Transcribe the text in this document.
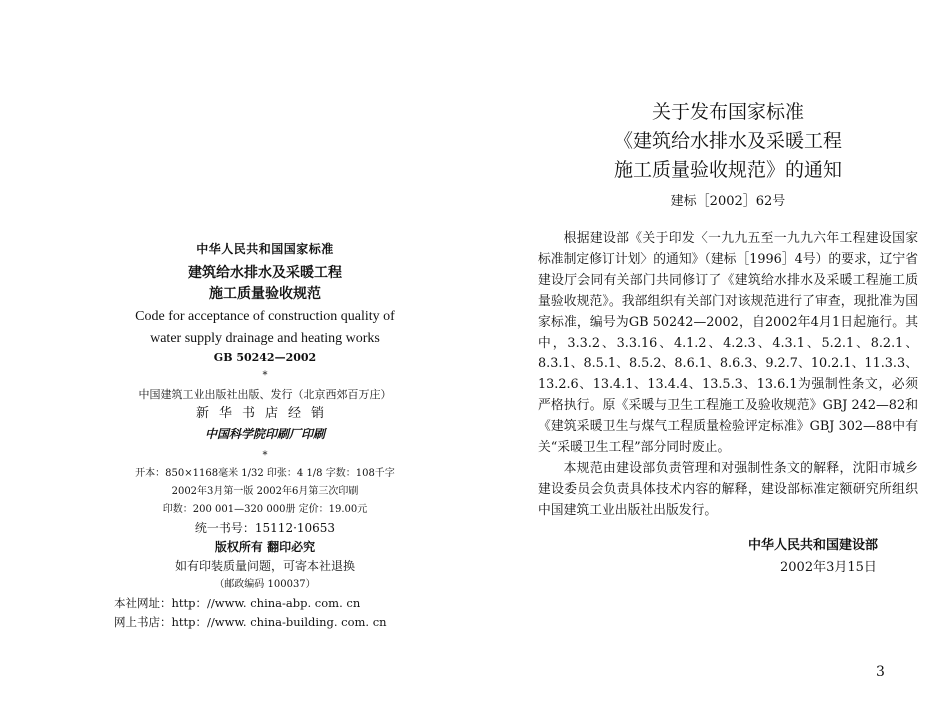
中华人民共和国国家标准
建筑给水排水及采暖工程
施工质量验收规范
Code for acceptance of construction quality of
water supply drainage and heating works
GB 50242—2002
*
中国建筑工业出版社出版、发行（北京西郊百万庄）
新华书店经销
中国科学院印刷厂印刷
*
开本：850×1168毫米 1/32 印张：4 1/8 字数：108千字
2002年3月第一版 2002年6月第三次印刷
印数：200 001—320 000册 定价：19.00元
统一书号：15112·10653
版权所有 翻印必究
如有印装质量问题，可寄本社退换
（邮政编码 100037）
本社网址：http：//www. china-abp. com. cn
网上书店：http：//www. china-building. com. cn
关于发布国家标准
《建筑给水排水及采暖工程
施工质量验收规范》的通知
建标［2002］62号

根据建设部《关于印发〈一九九五至一九九六年工程建设国家标准制定修订计划〉的通知》（建标［1996］4号）的要求，辽宁省建设厅会同有关部门共同修订了《建筑给水排水及采暖工程施工质量验收规范》。我部组织有关部门对该规范进行了审查，现批准为国家标准，编号为GB 50242—2002，自2002年4月1日起施行。其中，3.3.2、3.3.16、4.1.2、4.2.3、4.3.1、5.2.1、8.2.1、8.3.1、8.5.1、8.5.2、8.6.1、8.6.3、9.2.7、10.2.1、11.3.3、13.2.6、13.4.1、13.4.4、13.5.3、13.6.1为强制性条文，必须严格执行。原《采暖与卫生工程施工及验收规范》GBJ 242—82和《建筑采暖卫生与煤气工程质量检验评定标准》GBJ 302—88中有关“采暖卫生工程”部分同时废止。

本规范由建设部负责管理和对强制性条文的解释，沈阳市城乡建设委员会负责具体技术内容的解释，建设部标准定额研究所组织中国建筑工业出版社出版发行。

中华人民共和国建设部
2002年3月15日
3
